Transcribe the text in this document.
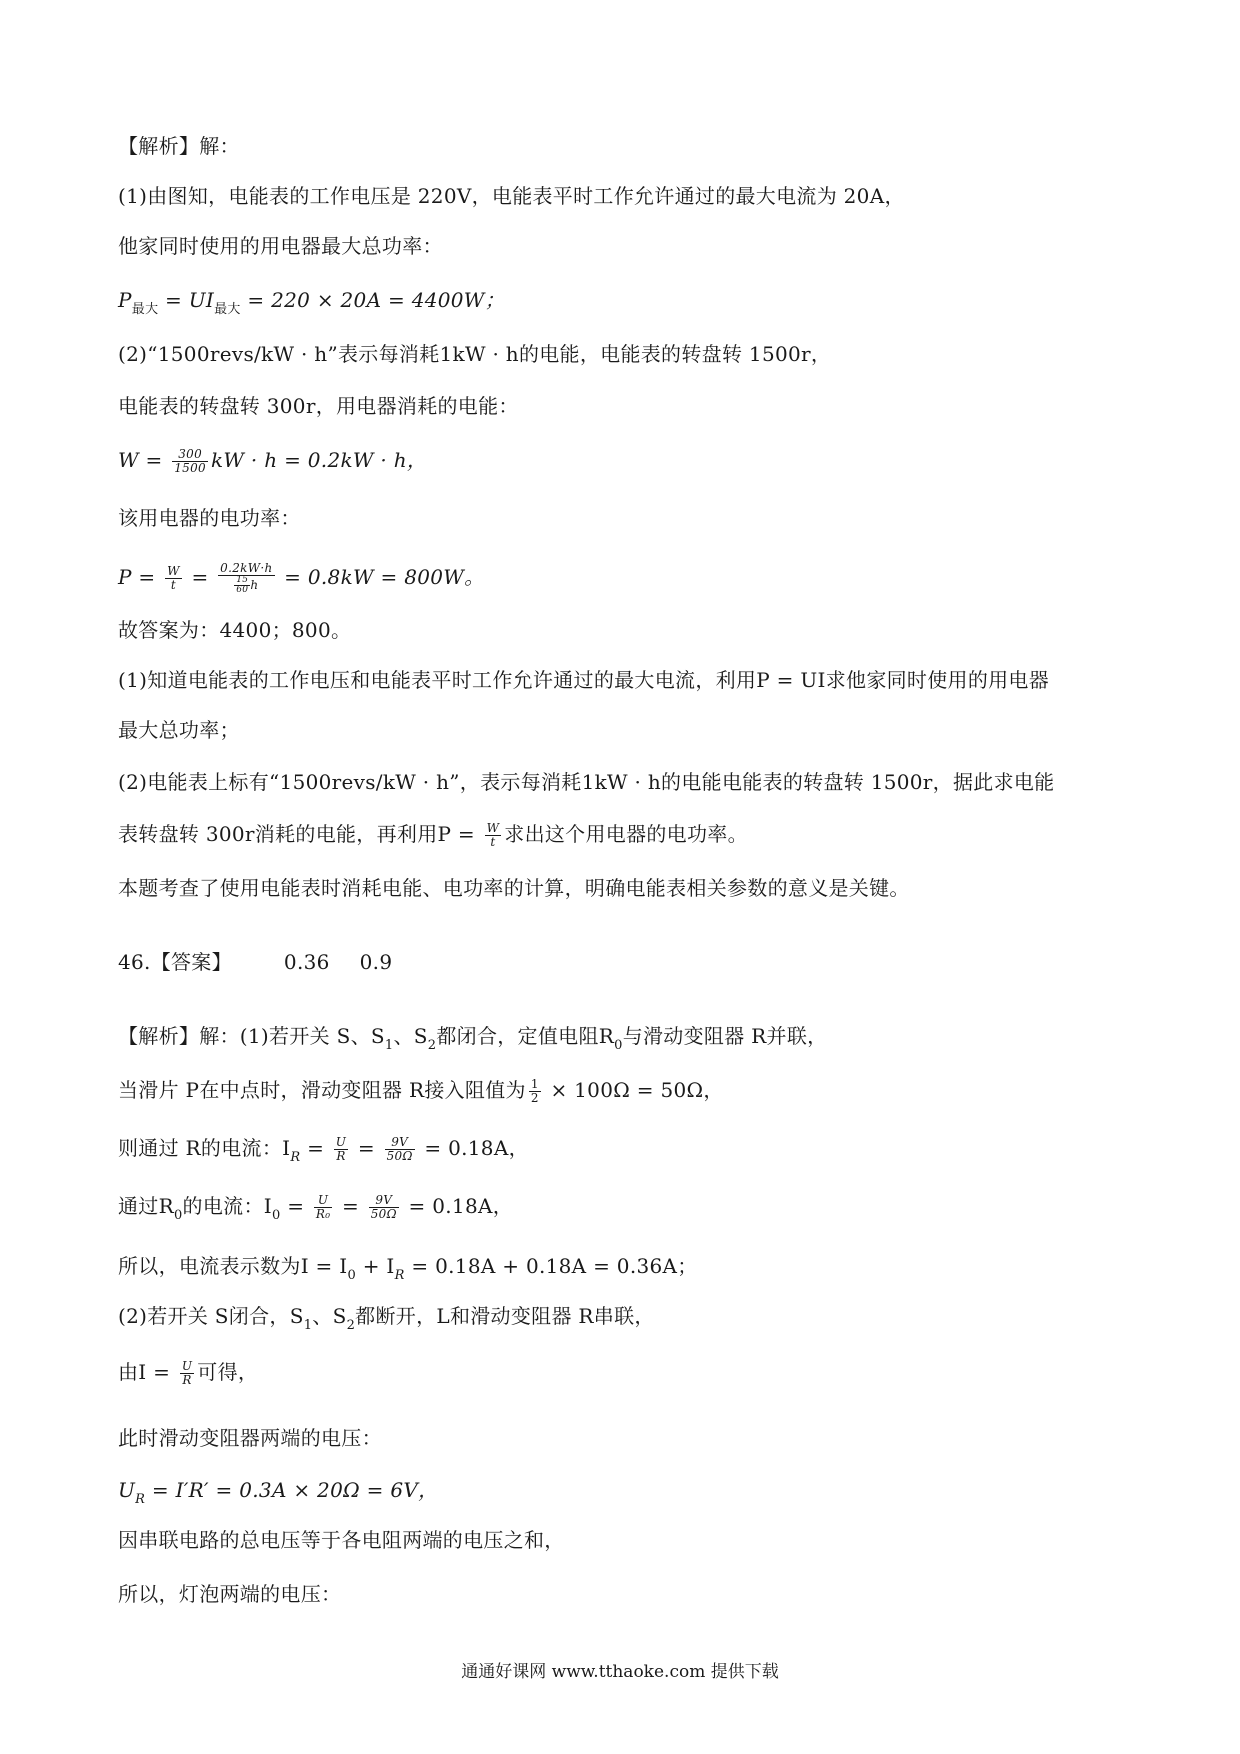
【解析】解：
(1)由图知，电能表的工作电压是 220V，电能表平时工作允许通过的最大电流为 20A，
他家同时使用的用电器最大总功率：
$P_{最大} = UI_{最大} = 220 \times 20A = 4400W$；
(2)“1500revs/kW · h”表示每消耗1kW · h的电能，电能表的转盘转 1500r，
电能表的转盘转 300r，用电器消耗的电能：
$W = \frac{300}{1500}$ kW · h = 0.2kW · h，
该用电器的电功率：
$P = \frac{W}{t} = \frac{0.2kW\cdot h}{\frac{15}{60} h} = 0.8kW = 800W$。
故答案为：4400；800。
(1)知道电能表的工作电压和电能表平时工作允许通过的最大电流，利用P = UI求他家同时使用的用电器
最大总功率；
(2)电能表上标有“1500revs/kW · h”，表示每消耗1kW · h的电能电能表的转盘转 1500r，据此求电能
表转盘转 300r消耗的电能，再利用$P = \frac{W}{t}$ 求出这个用电器的电功率。
本题考查了使用电能表时消耗电能、电功率的计算，明确电能表相关参数的意义是关键。
46.【答案】	0.36 0.9
【解析】解：(1)若开关 S、$S_1$、$S_2$都闭合，定值电阻$R_0$与滑动变阻器 R并联，
当滑片 P在中点时，滑动变阻器 R接入阻值为 $\frac{1}{2} \times 100\Omega = 50\Omega$，
则通过 R的电流：$I_R = \frac{U}{R} = \frac{9V}{50\Omega} = 0.18A$，
通过$R_0$的电流：$I_0 = \frac{U}{\text{R₀}} = \frac{9V}{50\Omega} = 0.18A$，
所以，电流表示数为$I = I_0 + I_R = 0.18A + 0.18A = 0.36A$；
(2)若开关 S闭合，$S_1$、$S_2$都断开，L和滑动变阻器 R串联，
由$I = \frac{U}{R}$ 可得，
此时滑动变阻器两端的电压：
$U_R = I'R' = 0.3A \times 20\Omega = 6V$，
因串联电路的总电压等于各电阻两端的电压之和，
所以，灯泡两端的电压：
通通好课网 www.tthaoke.com 提供下载
